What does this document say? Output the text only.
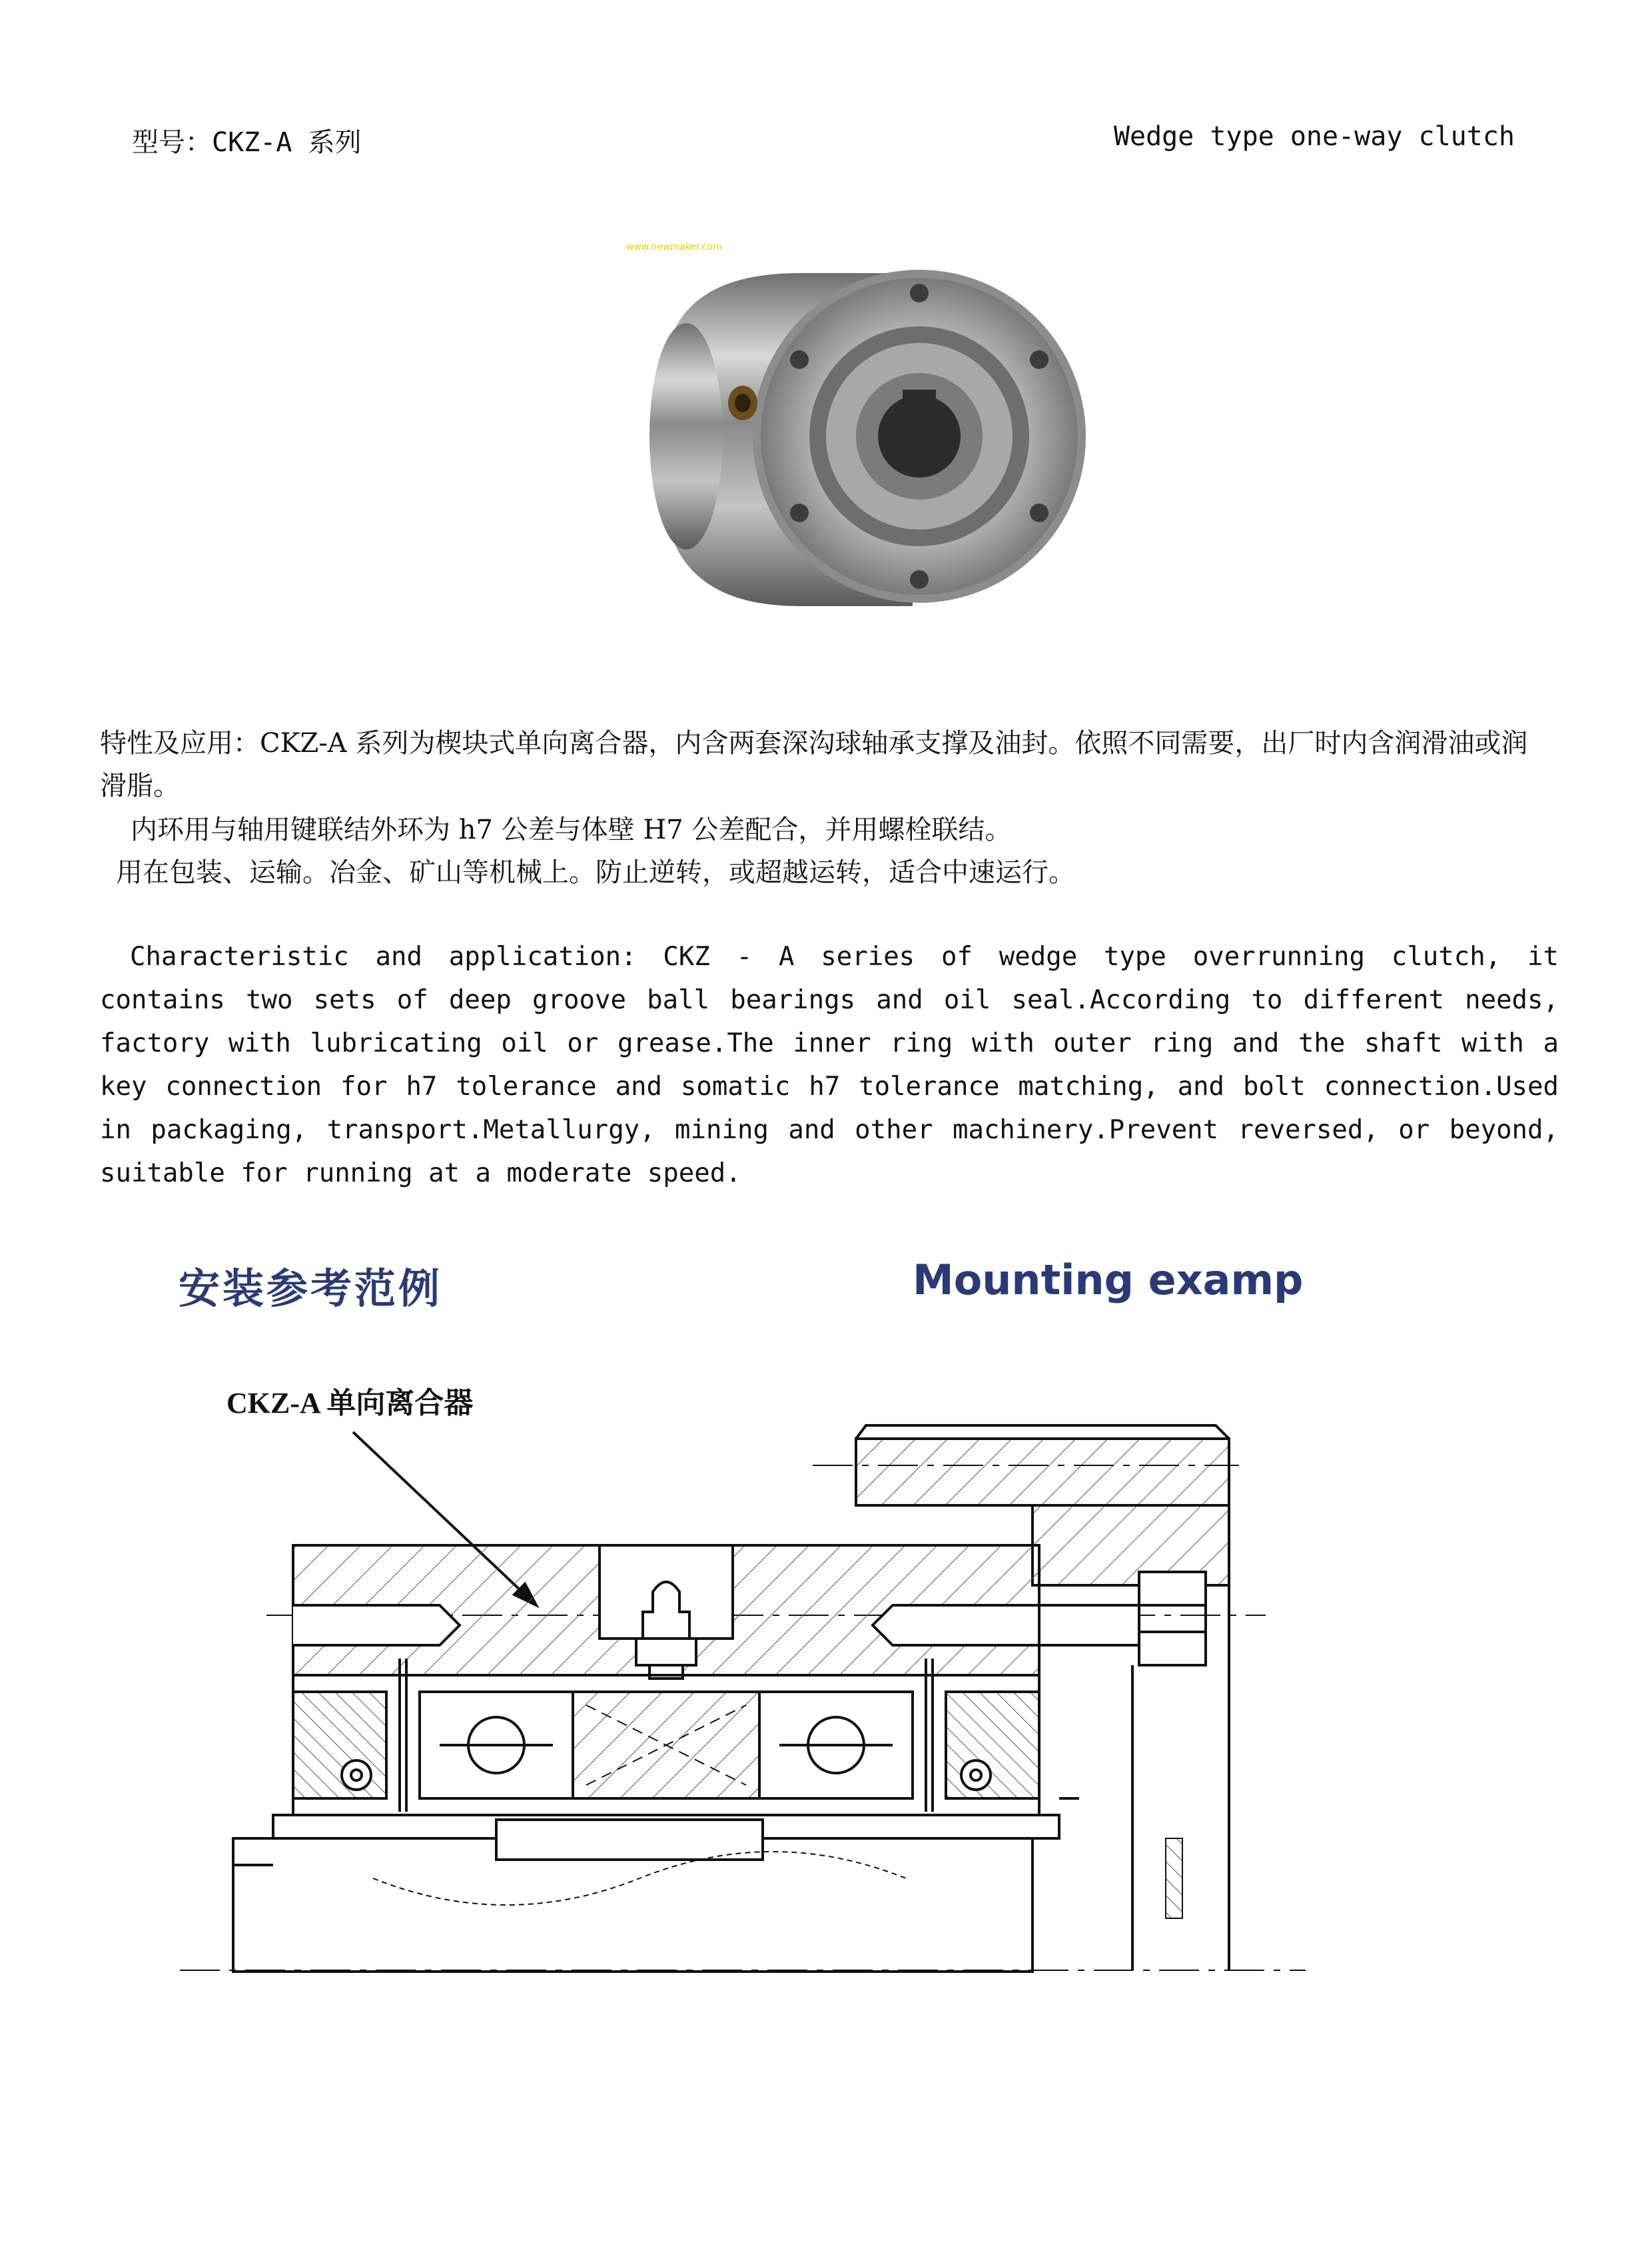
型号：CKZ-A 系列	Wedge type one-way clutch
www.newmaker.com
特性及应用：CKZ-A 系列为楔块式单向离合器，内含两套深沟球轴承支撑及油封。依照不同需要，出厂时内含润滑油或润滑脂。
内环用与轴用键联结外环为 h7 公差与体壁 H7 公差配合，并用螺栓联结。
用在包装、运输。冶金、矿山等机械上。防止逆转，或超越运转，适合中速运行。
Characteristic and application: CKZ - A series of wedge type overrunning clutch, it contains two sets of deep groove ball bearings and oil seal.According to different needs, factory with lubricating oil or grease.The inner ring with outer ring and the shaft with a key connection for h7 tolerance and somatic h7 tolerance matching, and bolt connection.Used in packaging, transport.Metallurgy, mining and other machinery.Prevent reversed, or beyond, suitable for running at a moderate speed.
安装参考范例	Mounting examp
CKZ-A 单向离合器
